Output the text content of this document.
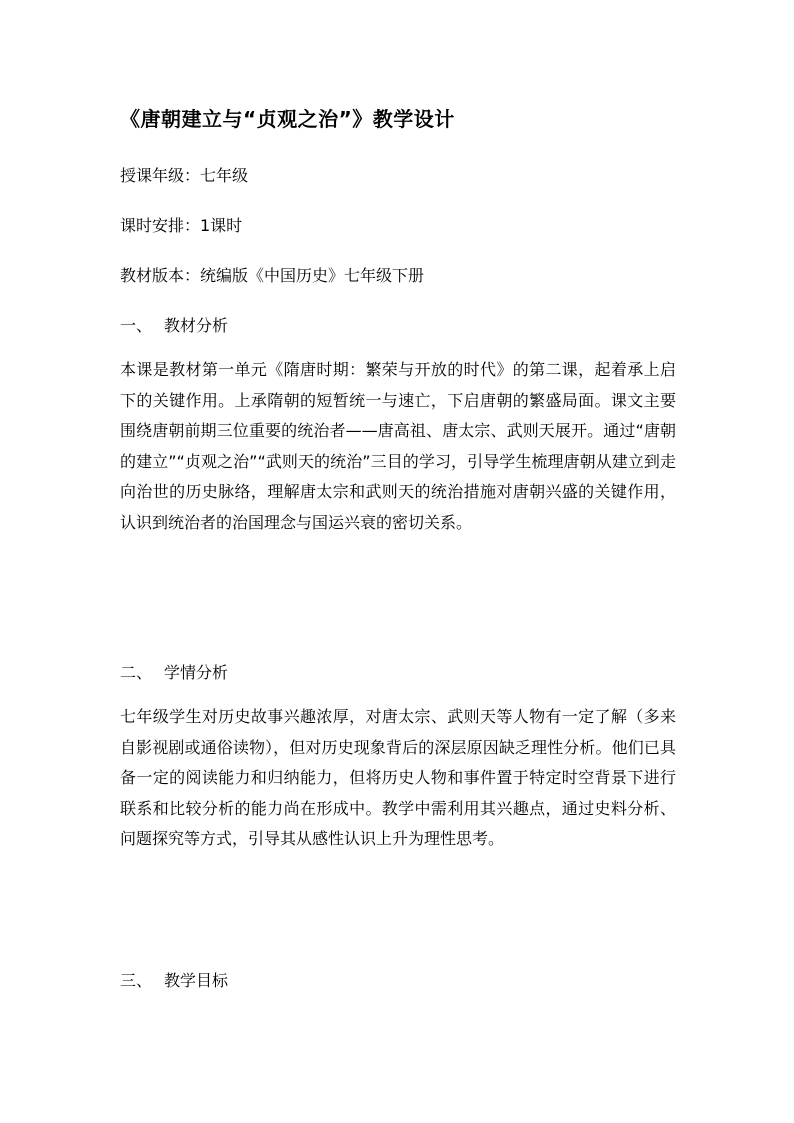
《唐朝建立与“贞观之治”》教学设计
授课年级：七年级
课时安排：1课时
教材版本：统编版《中国历史》七年级下册
一、 教材分析

本课是教材第一单元《隋唐时期：繁荣与开放的时代》的第二课，起着承上启下的关键作用。上承隋朝的短暂统一与速亡，下启唐朝的繁盛局面。课文主要围绕唐朝前期三位重要的统治者——唐高祖、唐太宗、武则天展开。通过“唐朝的建立”“贞观之治”“武则天的统治”三目的学习，引导学生梳理唐朝从建立到走向治世的历史脉络，理解唐太宗和武则天的统治措施对唐朝兴盛的关键作用，认识到统治者的治国理念与国运兴衰的密切关系。

二、 学情分析

七年级学生对历史故事兴趣浓厚，对唐太宗、武则天等人物有一定了解（多来自影视剧或通俗读物），但对历史现象背后的深层原因缺乏理性分析。他们已具备一定的阅读能力和归纳能力，但将历史人物和事件置于特定时空背景下进行联系和比较分析的能力尚在形成中。教学中需利用其兴趣点，通过史料分析、问题探究等方式，引导其从感性认识上升为理性思考。

三、 教学目标
